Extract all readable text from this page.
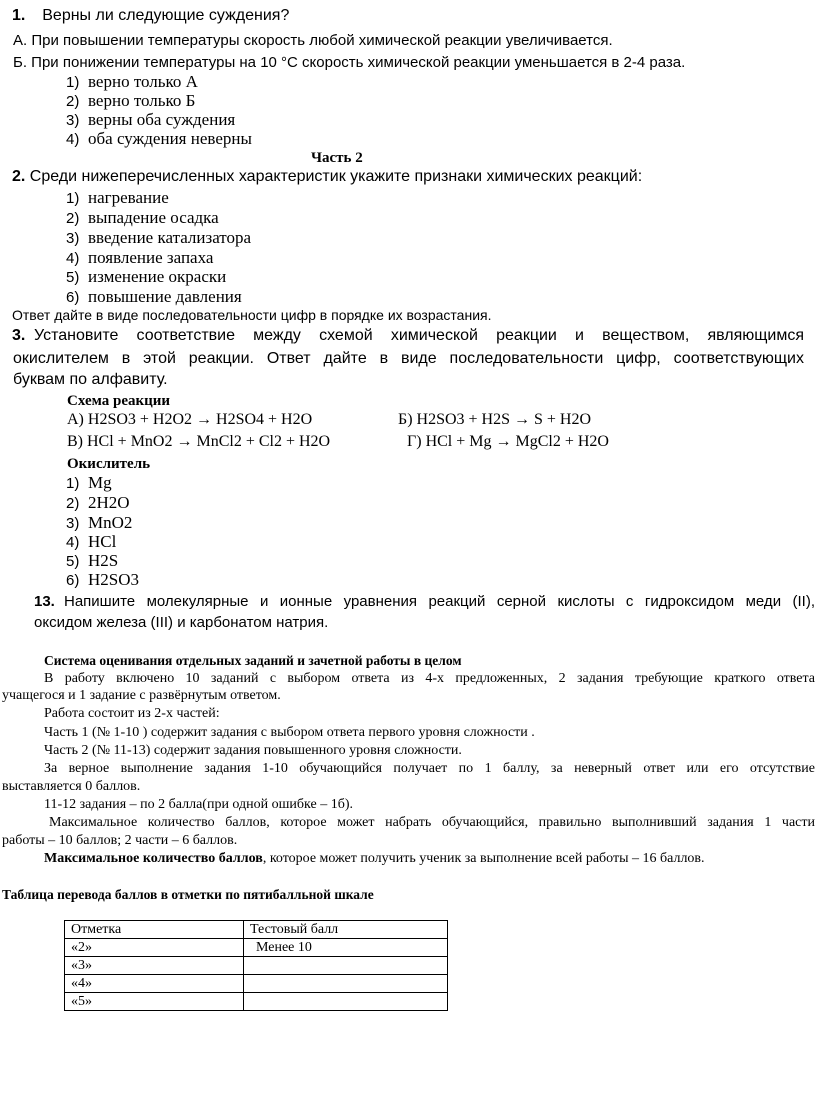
1. Верны ли следующие суждения?
А. При повышении температуры скорость любой химической реакции увеличивается.
Б. При понижении температуры на 10 °С скорость химической реакции уменьшается в 2-4 раза.
1) верно только А
2) верно только Б
3) верны оба суждения
4) оба суждения неверны
Часть 2
2. Среди нижеперечисленных характеристик укажите признаки химических реакций:
1) нагревание
2) выпадение осадка
3) введение катализатора
4) появление запаха
5) изменение окраски
6) повышение давления
Ответ дайте в виде последовательности цифр в порядке их возрастания.
3. Установите соответствие между схемой химической реакции и веществом, являющимся
окислителем в этой реакции. Ответ дайте в виде последовательности цифр, соответствующих
буквам по алфавиту.
Схема реакции
А) H2SO3 + H2O2 → H2SO4 + H2O	Б) H2SO3 + H2S → S + H2O
В) HCl + MnO2 → MnCl2 + Cl2 + H2O	Г) HCl + Mg → MgCl2 + H2O
Окислитель
1) Mg
2) 2H2O
3) MnO2
4) HCl
5) H2S
6) H2SO3
13. Напишите молекулярные и ионные уравнения реакций серной кислоты с гидроксидом меди (II),
оксидом железа (III) и карбонатом натрия.
Система оценивания отдельных заданий и зачетной работы в целом
В работу включено 10 заданий с выбором ответа из 4-х предложенных, 2 задания требующие краткого ответа
учащегося и 1 задание с развёрнутым ответом.
Работа состоит из 2-х частей:
Часть 1 (№ 1-10 ) содержит задания с выбором ответа первого уровня сложности .
Часть 2 (№ 11-13) содержит задания повышенного уровня сложности.
За верное выполнение задания 1-10 обучающийся получает по 1 баллу, за неверный ответ или его отсутствие
выставляется 0 баллов.
11-12 задания – по 2 балла(при одной ошибке – 1б).
Максимальное количество баллов, которое может набрать обучающийся, правильно выполнивший задания 1 части
работы – 10 баллов; 2 части – 6 баллов.
Максимальное количество баллов, которое может получить ученик за выполнение всей работы – 16 баллов.
Таблица перевода баллов в отметки по пятибалльной шкале
Отметка	Тестовый балл
«2»	Менее 10
«3»	
«4»	
«5»	
